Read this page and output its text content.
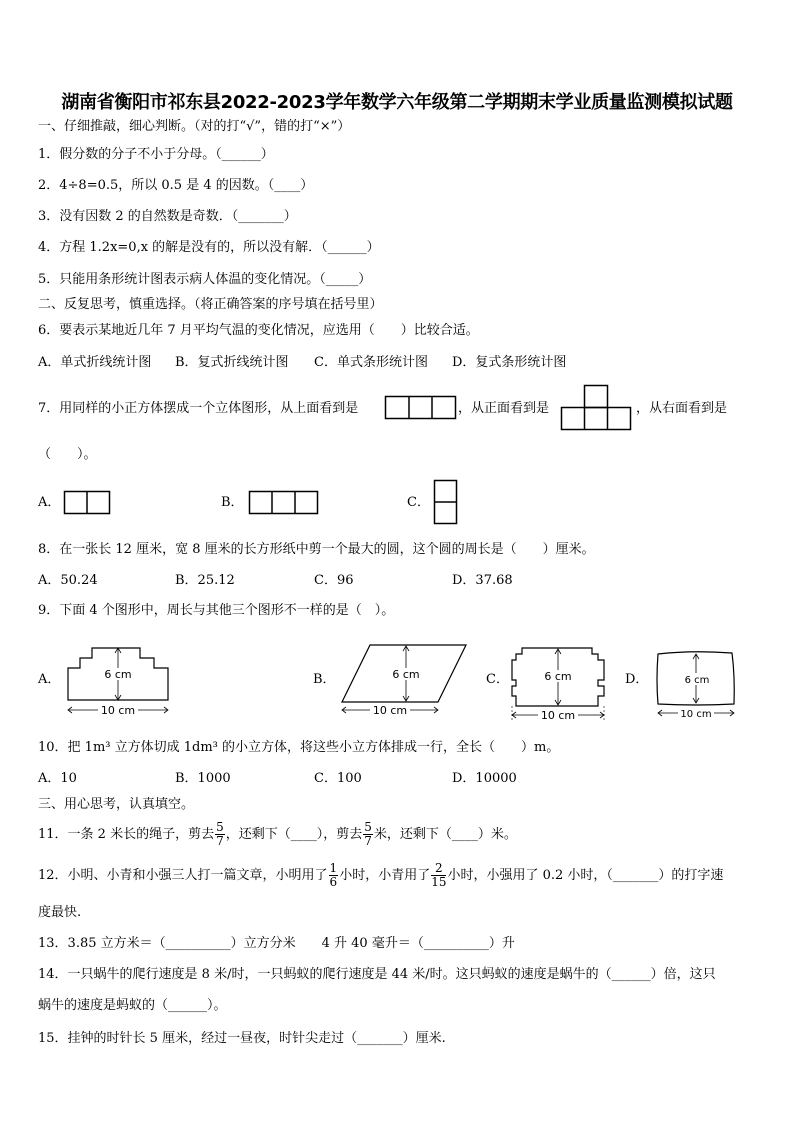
湖南省衡阳市祁东县2022-2023学年数学六年级第二学期期末学业质量监测模拟试题
一、仔细推敲，细心判断。（对的打“√”，错的打“×”）
1．假分数的分子不小于分母。（______）
2．4÷8=0.5，所以 0.5 是 4 的因数。（____）
3．没有因数 2 的自然数是奇数．（_______）
4．方程 1.2x=0,x 的解是没有的，所以没有解．（______）
5．只能用条形统计图表示病人体温的变化情况。（_____）
二、反复思考，慎重选择。（将正确答案的序号填在括号里）
6．要表示某地近几年 7 月平均气温的变化情况，应选用（　　）比较合适。
A．单式折线统计图 B．复式折线统计图 C．单式条形统计图 D．复式条形统计图
7．用同样的小正方体摆成一个立体图形，从上面看到是	，从正面看到是	，从右面看到是
（　　）。
A．	B．	C．
8．在一张长 12 厘米，宽 8 厘米的长方形纸中剪一个最大的圆，这个圆的周长是（　　）厘米。
A．50.24	B．25.12	C．96	D．37.68
9．下面 4 个图形中，周长与其他三个图形不一样的是（　）。
A．	6 cm
10 cm
B．	6 cm
10 cm
C．	6 cm
10 cm
D．	6 cm
10 cm
10．把 1m³ 立方体切成 1dm³ 的小立方体，将这些小立方体排成一行，全长（　　）m。
A．10	B．1000	C．100	D．10000
三、用心思考，认真填空。
11．一条 2 米长的绳子，剪去 $\frac{5}{7}$ ，还剩下（____），剪去 $\frac{5}{7}$ 米，还剩下（____）米。
12．小明、小青和小强三人打一篇文章，小明用了 $\frac{1}{6}$ 小时，小青用了 $\frac{2}{15}$ 小时，小强用了 0.2 小时，（_______）的打字速
度最快.
13．3.85 立方米＝（__________）立方分米　　4 升 40 毫升＝（__________）升
14．一只蜗牛的爬行速度是 8 米/时，一只蚂蚁的爬行速度是 44 米/时。这只蚂蚁的速度是蜗牛的（______）倍，这只
蜗牛的速度是蚂蚁的（______）。
15．挂钟的时针长 5 厘米，经过一昼夜，时针尖走过（_______）厘米.
